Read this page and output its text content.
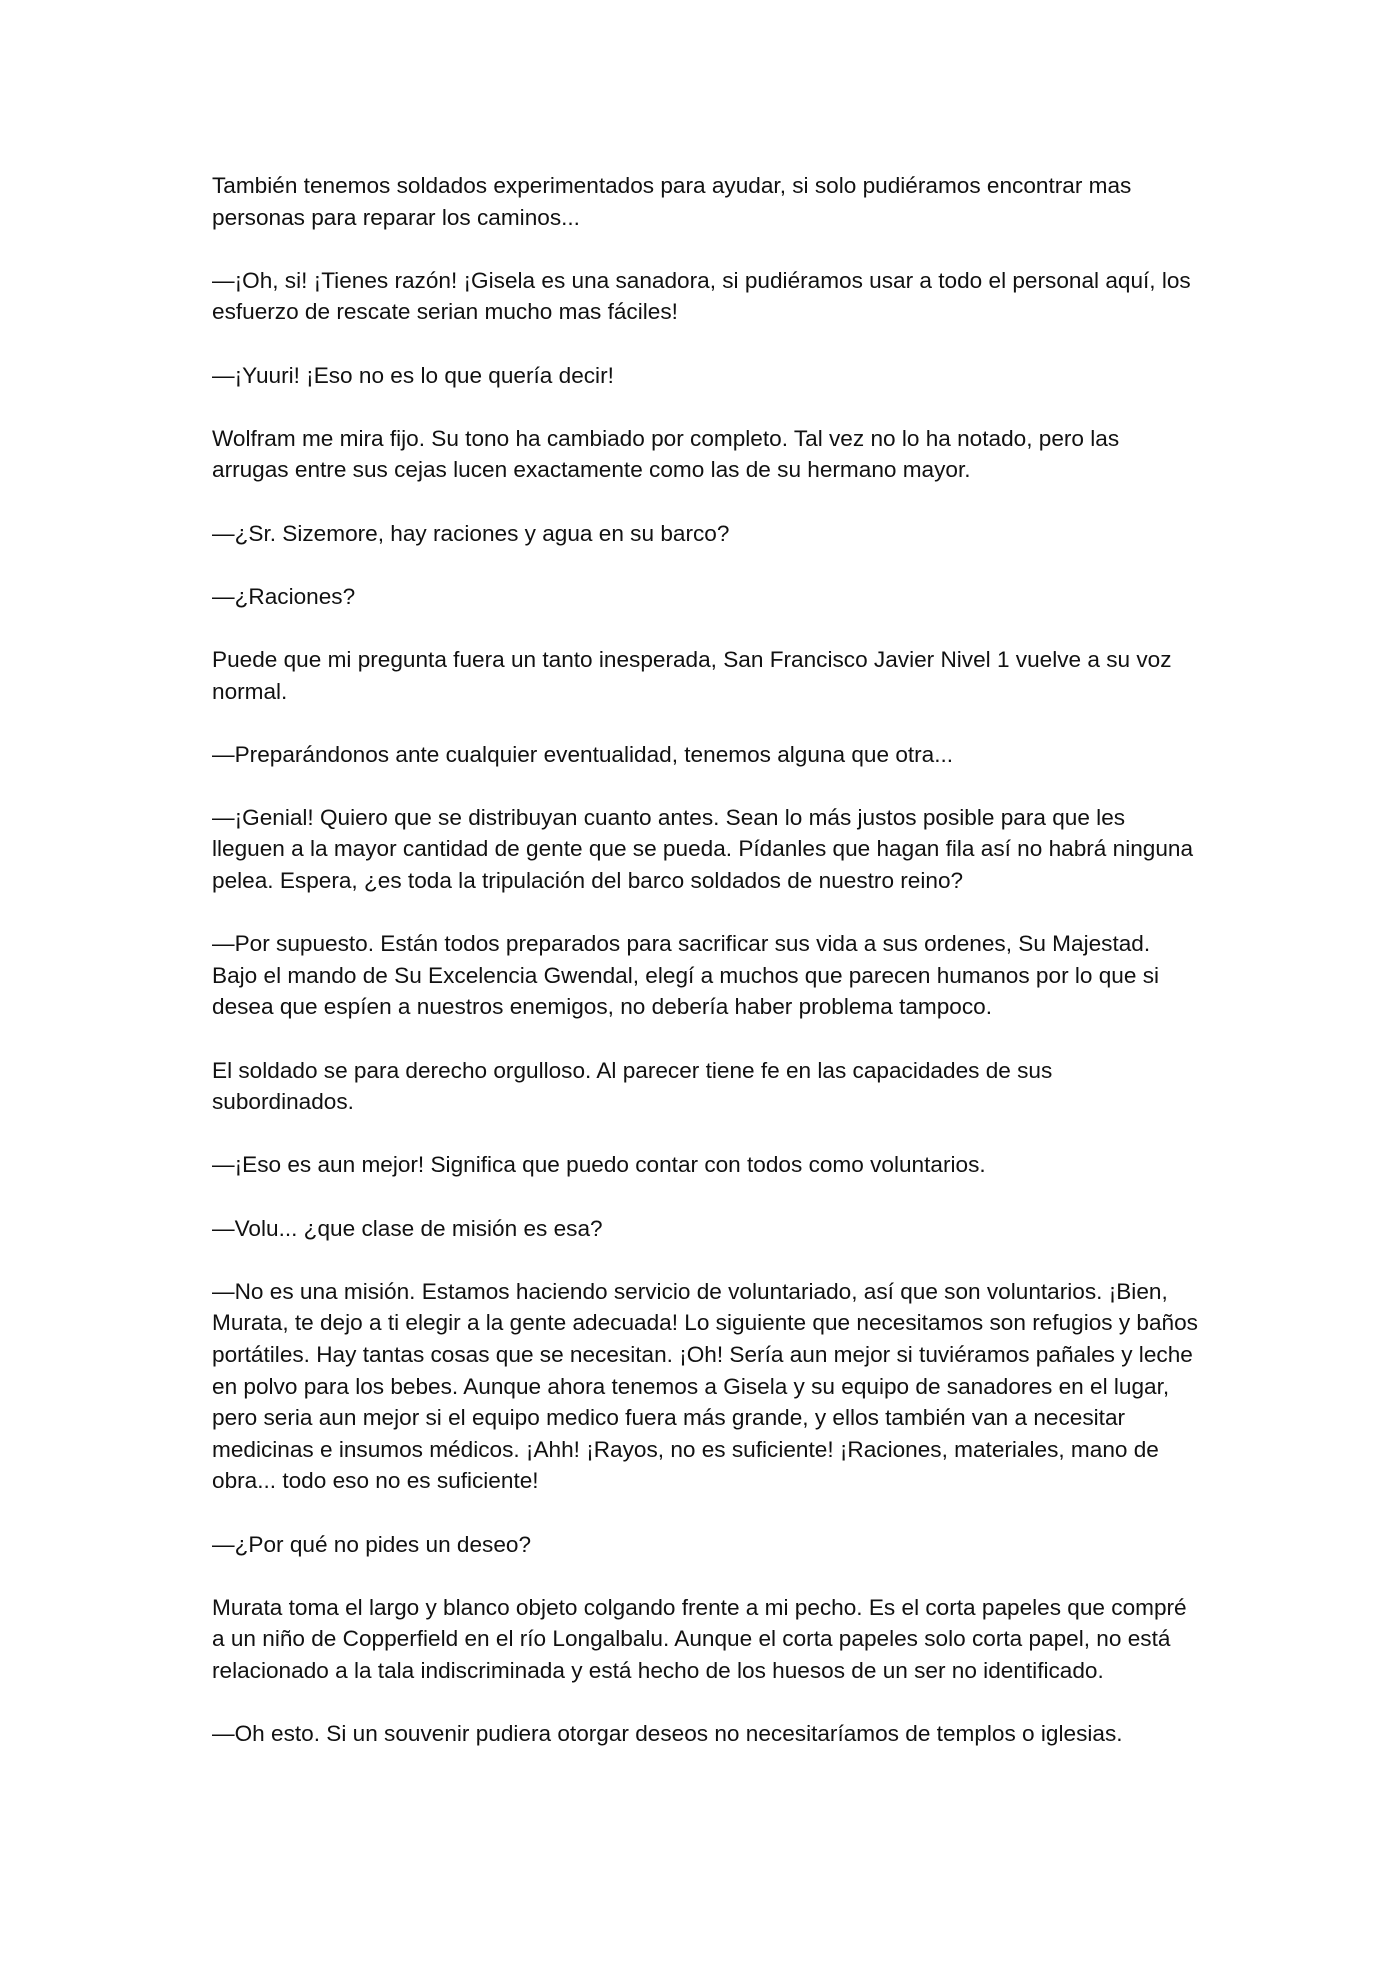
También tenemos soldados experimentados para ayudar, si solo pudiéramos encontrar mas personas para reparar los caminos...

—¡Oh, si! ¡Tienes razón! ¡Gisela es una sanadora, si pudiéramos usar a todo el personal aquí, los esfuerzo de rescate serian mucho mas fáciles!

—¡Yuuri! ¡Eso no es lo que quería decir!

Wolfram me mira fijo. Su tono ha cambiado por completo. Tal vez no lo ha notado, pero las arrugas entre sus cejas lucen exactamente como las de su hermano mayor.

—¿Sr. Sizemore, hay raciones y agua en su barco?

—¿Raciones?

Puede que mi pregunta fuera un tanto inesperada, San Francisco Javier Nivel 1 vuelve a su voz normal.

—Preparándonos ante cualquier eventualidad, tenemos alguna que otra...

—¡Genial! Quiero que se distribuyan cuanto antes. Sean lo más justos posible para que les lleguen a la mayor cantidad de gente que se pueda. Pídanles que hagan fila así no habrá ninguna pelea. Espera, ¿es toda la tripulación del barco soldados de nuestro reino?

—Por supuesto. Están todos preparados para sacrificar sus vida a sus ordenes, Su Majestad. Bajo el mando de Su Excelencia Gwendal, elegí a muchos que parecen humanos por lo que si desea que espíen a nuestros enemigos, no debería haber problema tampoco.

El soldado se para derecho orgulloso. Al parecer tiene fe en las capacidades de sus subordinados.

—¡Eso es aun mejor! Significa que puedo contar con todos como voluntarios.

—Volu... ¿que clase de misión es esa?

—No es una misión. Estamos haciendo servicio de voluntariado, así que son voluntarios. ¡Bien, Murata, te dejo a ti elegir a la gente adecuada! Lo siguiente que necesitamos son refugios y baños portátiles. Hay tantas cosas que se necesitan. ¡Oh! Sería aun mejor si tuviéramos pañales y leche en polvo para los bebes. Aunque ahora tenemos a Gisela y su equipo de sanadores en el lugar, pero seria aun mejor si el equipo medico fuera más grande, y ellos también van a necesitar medicinas e insumos médicos. ¡Ahh! ¡Rayos, no es suficiente! ¡Raciones, materiales, mano de obra... todo eso no es suficiente!

—¿Por qué no pides un deseo?

Murata toma el largo y blanco objeto colgando frente a mi pecho. Es el corta papeles que compré a un niño de Copperfield en el río Longalbalu. Aunque el corta papeles solo corta papel, no está relacionado a la tala indiscriminada y está hecho de los huesos de un ser no identificado.

—Oh esto. Si un souvenir pudiera otorgar deseos no necesitaríamos de templos o iglesias.
